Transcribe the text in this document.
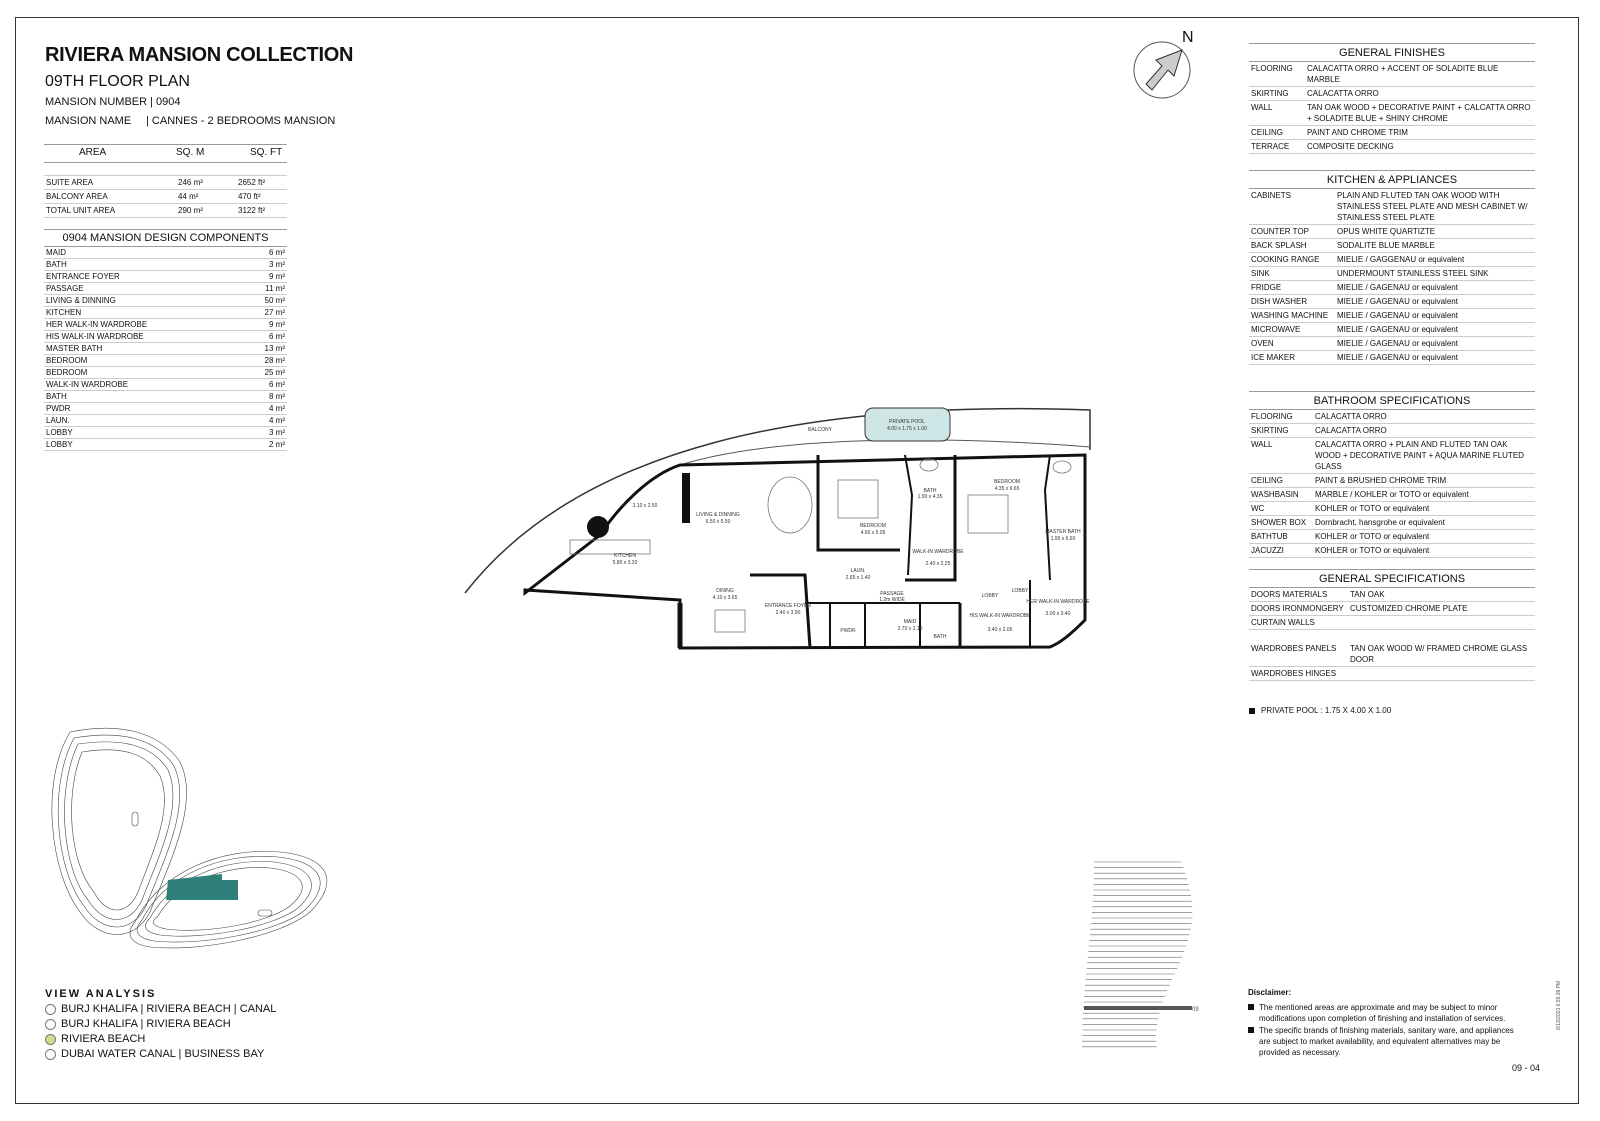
RIVIERA MANSION COLLECTION
09TH FLOOR PLAN
MANSION NUMBER | 0904
MANSION NAME | CANNES - 2 BEDROOMS MANSION
AREA	SQ. M	SQ. FT

SUITE AREA	246 m²	2652 ft²
BALCONY AREA	44 m²	470 ft²
TOTAL UNIT AREA	290 m²	3122 ft²
0904 MANSION DESIGN COMPONENTS
MAID	6 m²
BATH	3 m²
ENTRANCE FOYER	9 m²
PASSAGE	11 m²
LIVING & DINNING	50 m²
KITCHEN	27 m²
HER WALK-IN WARDROBE	9 m²
HIS WALK-IN WARDROBE	6 m²
MASTER BATH	13 m²
BEDROOM	28 m²
BEDROOM	25 m²
WALK-IN WARDROBE	6 m²
BATH	8 m²
PWDR	4 m²
LAUN.	4 m²
LOBBY	3 m²
LOBBY	2 m²
BALCONY
PRIVATE POOL
4.00 x 1.75 x 1.00
LIVING & DINNING
6.50 x 5.50
3.10 x 2.50
KITCHEN
5.80 x 3.20
DINING
4.10 x 3.65
ENTRANCE FOYER
2.40 x 3.90
BEDROOM
4.60 x 5.05
BATH
1.90 x 4.35
WALK-IN WARDROBE
2.40 x 2.25
LAUN.
2.65 x 1.40
PASSAGE
1.2m WIDE
BEDROOM
4.35 x 6.65
MASTER BATH
1.95 x 6.60
LOBBY
LOBBY
HIS WALK-IN WARDROBE
3.40 x 2.05
HER WALK-IN WARDROBE
3.00 x 3.40
MAID
2.70 x 2.10
PWDR
BATH
N
GENERAL FINISHES
FLOORING	CALACATTA ORRO + ACCENT OF SOLADITE BLUE MARBLE
SKIRTING	CALACATTA ORRO
WALL	TAN OAK WOOD + DECORATIVE PAINT + CALCATTA ORRO + SOLADITE BLUE + SHINY CHROME
CEILING	PAINT AND CHROME TRIM
TERRACE	COMPOSITE DECKING
KITCHEN & APPLIANCES
CABINETS	PLAIN AND FLUTED TAN OAK WOOD WITH STAINLESS STEEL PLATE AND MESH CABINET W/ STAINLESS STEEL PLATE
COUNTER TOP	OPUS WHITE QUARTIZTE
BACK SPLASH	SODALITE BLUE MARBLE
COOKING RANGE	MIELIE / GAGGENAU or equivalent
SINK	UNDERMOUNT STAINLESS STEEL SINK
FRIDGE	MIELIE / GAGENAU or equivalent
DISH WASHER	MIELIE / GAGENAU or equivalent
WASHING MACHINE	MIELIE / GAGENAU or equivalent
MICROWAVE	MIELIE / GAGENAU or equivalent
OVEN	MIELIE / GAGENAU or equivalent
ICE MAKER	MIELIE / GAGENAU or equivalent
BATHROOM SPECIFICATIONS
FLOORING	CALACATTA ORRO
SKIRTING	CALACATTA ORRO
WALL	CALACATTA ORRO + PLAIN AND FLUTED TAN OAK WOOD + DECORATIVE PAINT + AQUA MARINE FLUTED GLASS
CEILING	PAINT & BRUSHED CHROME TRIM
WASHBASIN	MARBLE / KOHLER or TOTO or equivalent
WC	KOHLER or TOTO or equivalent
SHOWER BOX	Dornbracht, hansgrohe or equivalent
BATHTUB	KOHLER or TOTO or equivalent
JACUZZI	KOHLER or TOTO or equivalent
GENERAL SPECIFICATIONS
DOORS MATERIALS	TAN OAK
DOORS IRONMONGERY CUSTOMIZED CHROME PLATE
CURTAIN WALLS
WARDROBES PANELS	TAN OAK WOOD W/ FRAMED CHROME GLASS DOOR
WARDROBES HINGES
PRIVATE POOL : 1.75 X 4.00 X 1.00
09
VIEW ANALYSIS
BURJ KHALIFA | RIVIERA BEACH | CANAL
BURJ KHALIFA | RIVIERA BEACH
RIVIERA BEACH
DUBAI WATER CANAL | BUSINESS BAY
Disclaimer:
The mentioned areas are approximate and may be subject to minor modifications upon completion of finishing and installation of services.
The specific brands of finishing materials, sanitary ware, and appliances are subject to market availability, and equivalent alternatives may be provided as necessary.
09 - 04
8/13/2023 6:59:39 PM
